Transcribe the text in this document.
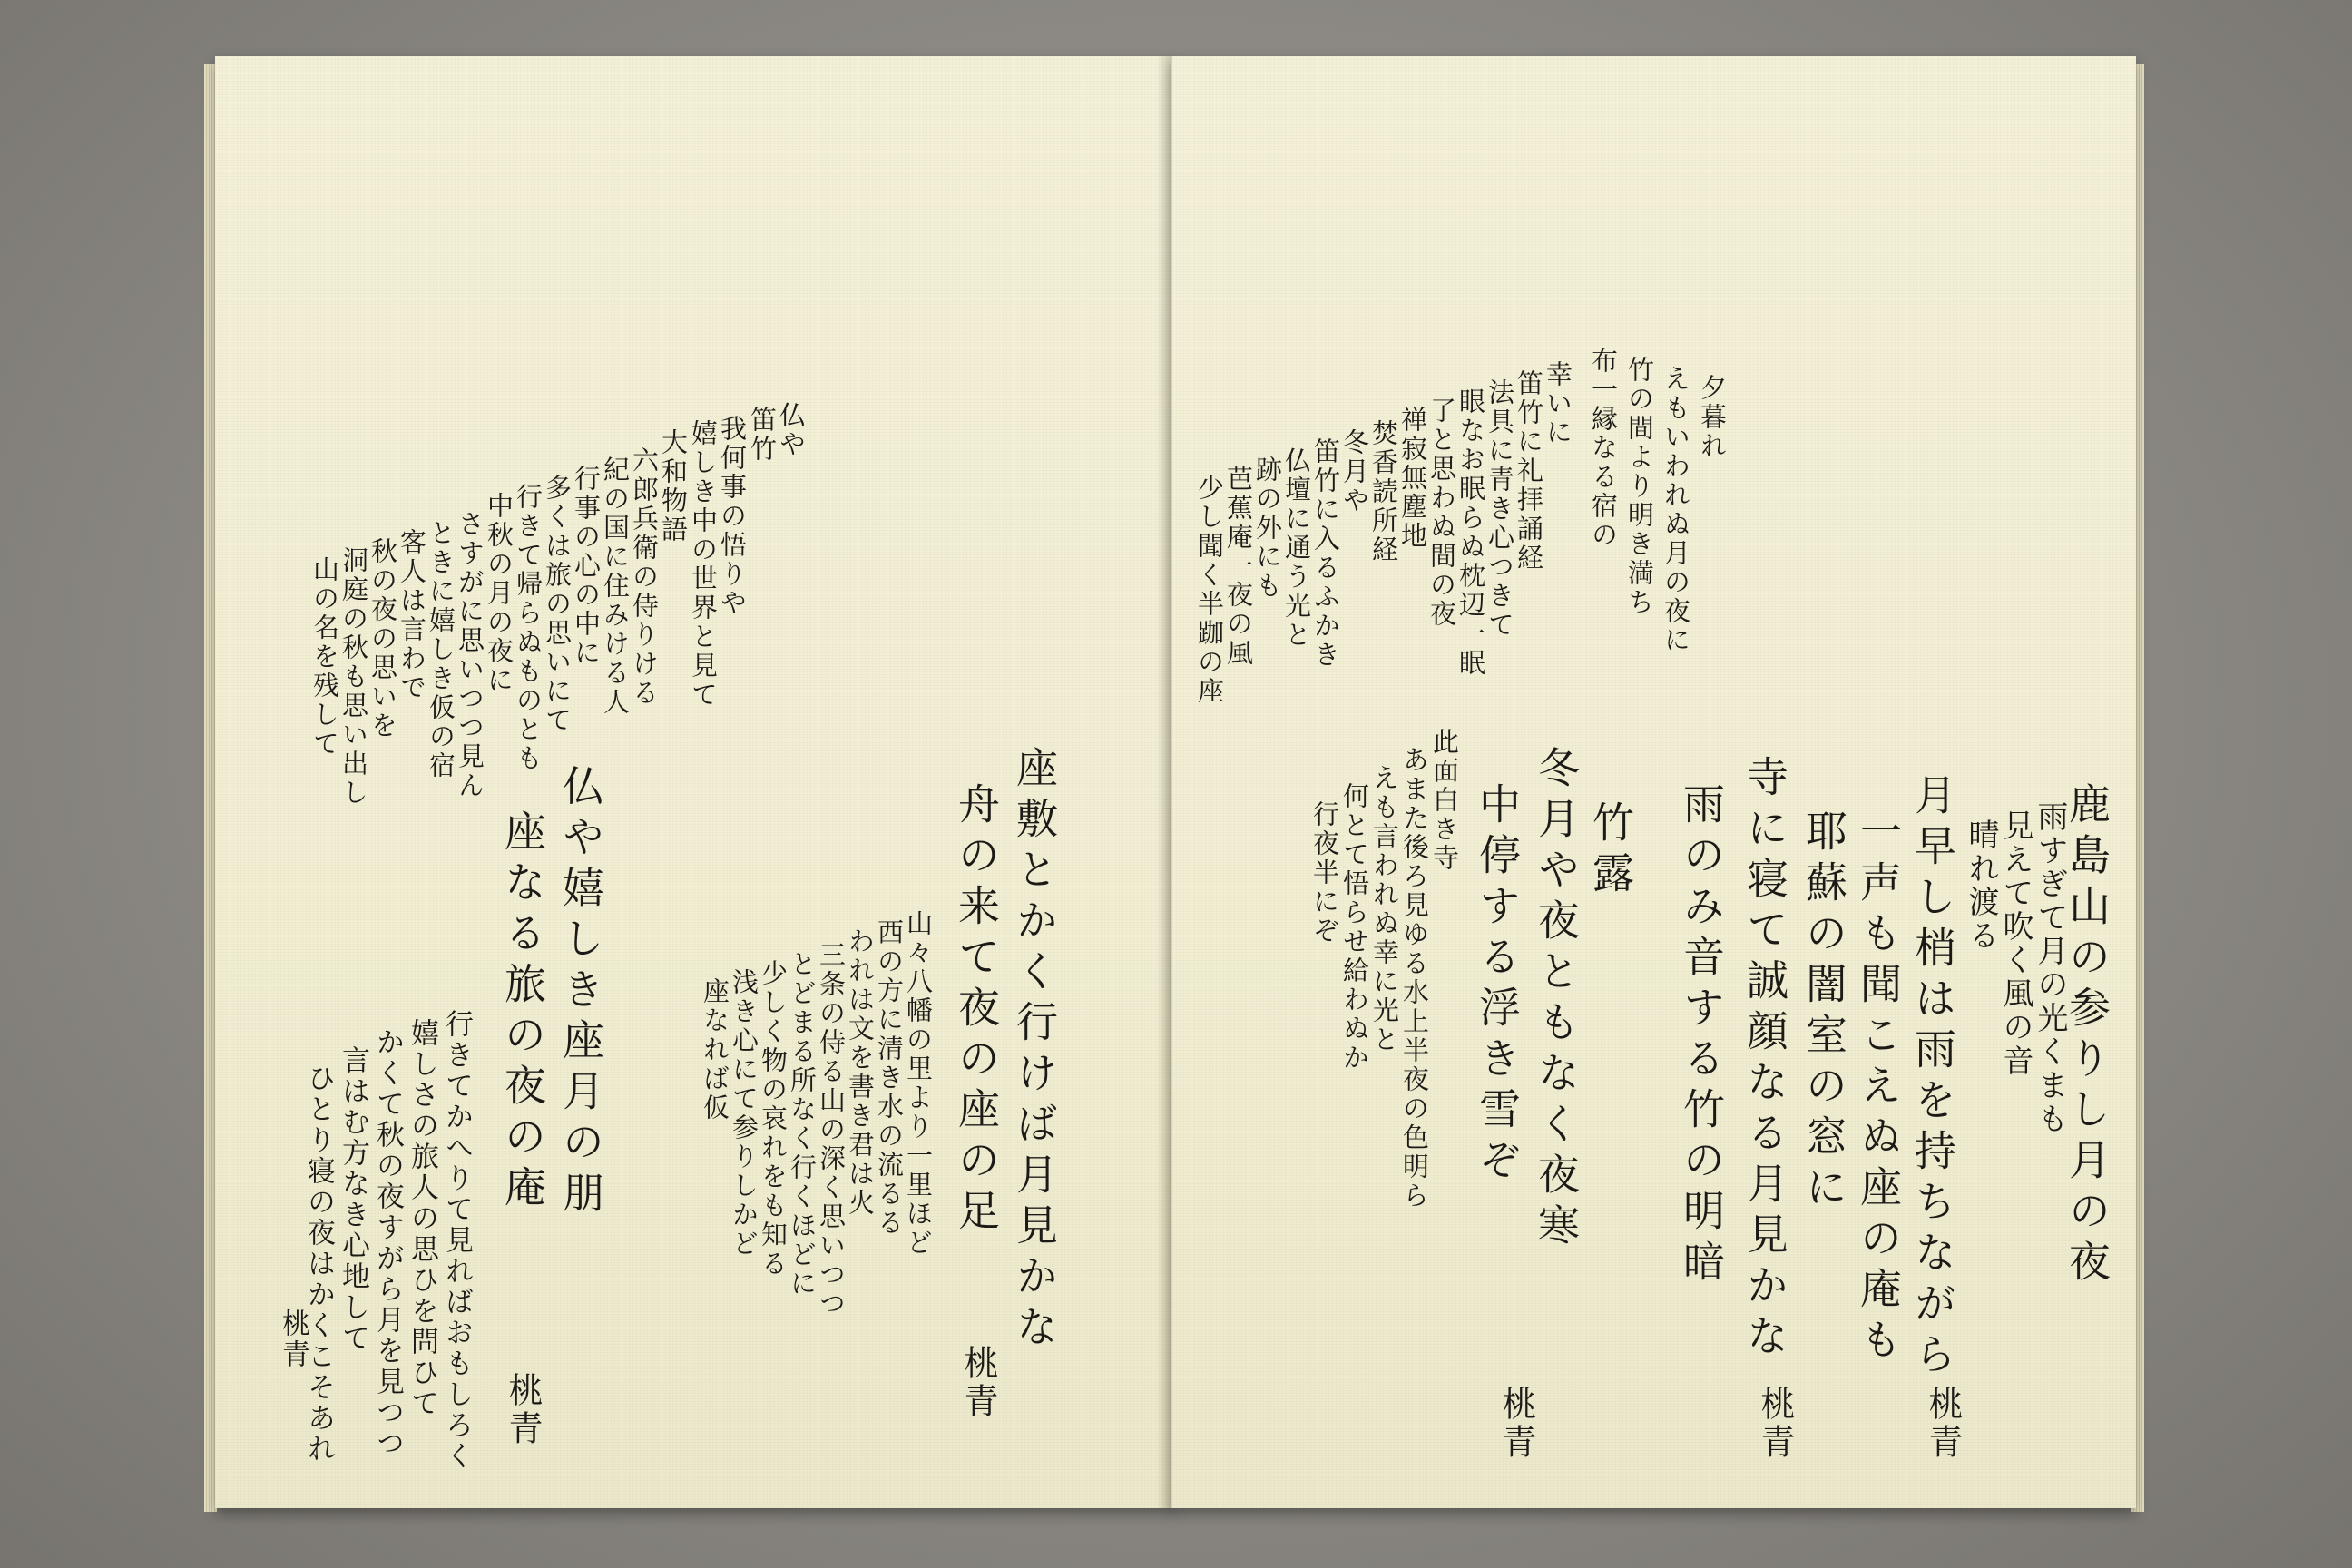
仏や
笛竹
我何事の悟りや
嬉しき中の世界と見て
大和物語
六郎兵衛の侍りける
紀の国に住みける人
行事の心の中に
多くは旅の思いにて
行きて帰らぬものとも
中秋の月の夜に
さすがに思いつつ見ん
ときに嬉しき仮の宿
客人は言わで
秋の夜の思いを
洞庭の秋も思い出し
山の名を残して
座敷とかく行けば月見かな
舟の来て夜の座の足
桃青
仏や嬉しき座月の朋
座なる旅の夜の庵
桃青
山々八幡の里より一里ほど
西の方に清き水の流るる
われは文を書き君は火
三条の侍る山の深く思いつつ
とどまる所なく行くほどに
少しく物の哀れをも知る
浅き心にて参りしかど
座なれば仮
行きてかへりて見ればおもしろく
嬉しさの旅人の思ひを問ひて
かくて秋の夜すがら月を見つつ
言はむ方なき心地して
ひとり寝の夜はかくこそあれ
桃青
幸いに
笛竹に礼拝誦経
法具に青き心つきて
眼なお眠らぬ枕辺一眠
了と思わぬ間の夜
禅寂無塵地
焚香読所経
冬月や
笛竹に入るふかき
仏壇に通う光と
跡の外にも
芭蕉庵一夜の風
少し聞く半跏の座
布一縁なる宿の 竹の間より明き満ち えもいわれぬ月の夜に 夕暮れ
鹿島山の参りし月の夜
雨すぎて月の光くまも
見えて吹く風の音
晴れ渡る
月早し梢は雨を持ちながら
桃青
一声も聞こえぬ座の庵も
耶蘇の闇室の窓に
寺に寝て誠顔なる月見かな
桃青
雨のみ音する竹の明暗
竹露
冬月や夜ともなく夜寒
中停する浮き雪ぞ
桃青
此面白き寺
あまた後ろ見ゆる水上半夜の色明ら
えも言われぬ幸に光と
何とて悟らせ給わぬか
行夜半にぞ
